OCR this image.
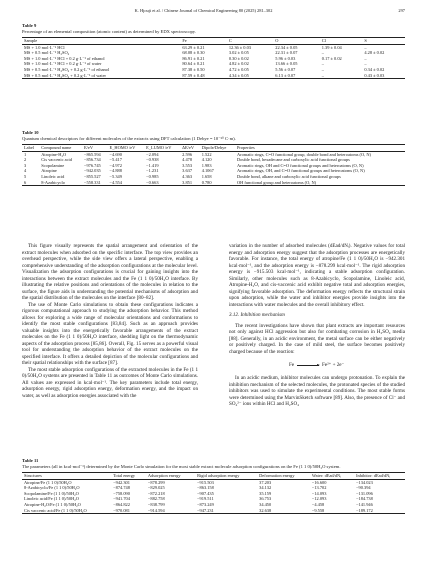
K. Hjouji et al. / Chinese Journal of Chemical Engineering 80 (2025) 281–302	297
Table 9
Percentage of an elemental composition (atomic content) as determined by EDX spectroscopy.
Sample	Fe	C	O	Cl	S
MS + 1.0 mol·L⁻¹ HCl	63.29 ± 0.21	12.36 ± 0.03	22.34 ± 0.05	1.39 ± 0.04	–
MS + 0.5 mol·L⁻¹ H₂SO₄	68.08 ± 0.30	3.02 ± 0.05	22.31 ± 0.07	–	4.28 ± 0.02
MS + 1.0 mol·L⁻¹ HCl + 0.2 g·L⁻¹ of ethanol	86.91 ± 0.21	0.30 ± 0.02	5.96 ± 0.03	0.17 ± 0.02	–
MS + 1.0 mol·L⁻¹ HCl + 0.2 g·L⁻¹ of water	80.64 ± 0.21	4.82 ± 0.02	13.66 ± 0.05	–	–
MS + 0.5 mol·L⁻¹ H₂SO₄ + 0.2 g·L⁻¹ of ethanol	87.38 ± 0.50	4.72 ± 0.05	5.56 ± 0.07	–	0.34 ± 0.02
MS + 0.5 mol·L⁻¹ H₂SO₄ + 0.2 g·L⁻¹ of water	87.59 ± 0.48	4.34 ± 0.05	6.13 ± 0.07	–	0.43 ± 0.03
Table 10
Quantum chemical descriptors for different molecules of the extracts using DFT calculation (1 Debye = 10⁻³⁰ C·m).
Label	Compound name	E/eV	E_HOMO /eV	E_LUMO /eV	ΔE/eV	Dipole/Debye	Properties
1	Atropine-H₂O	−865.594	−4.690	−2.094	2.596	1.522	Aromatic rings, C=O functional group, double bond and heteroatoms (O, N)
2	Cis vaccenic acid	−856.734	−5.417	−0.938	4.478	4.120	Double bond, hexadecane and carboxylic acid functional groups
3	Scopolamine	−976.745	−4.972	−1.419	3.553	1.983	Aromatic rings, OH and C=O functional groups and heteroatoms (O, N)
4	Atropine	−942.035	−4.888	−1.231	3.637	4.1067	Aromatic rings, OH, and C=O functional groups and heteroatoms (O, N)
5	Linoleic acid	−855.527	−5.349	−0.985	4.363	1.658	Double bond, alkane and carboxylic acid functional groups
6	8-Azabicyclo	−558.331	−4.554	−0.663	3.851	0.780	OH functional group and heteroatoms (O, N)

This figure visually represents the spatial arrangement and orientation of the extract molecules when adsorbed on the specific interface. The top view provides an overhead perspective, while the side view offers a lateral perspective, enabling a comprehensive understanding of the adsorption configurations at the molecular level. Visualization the adsorption configurations is crucial for gaining insights into the interactions between the extract molecules and the Fe (1 1 0)/50H₂O interface. By illustrating the relative positions and orientations of the molecules in relation to the surface, the figure aids in understanding the potential mechanisms of adsorption and the spatial distribution of the molecules on the interface [80–82].

The use of Monte Carlo simulations to obtain these configurations indicates a rigorous computational approach to studying the adsorption behavior. This method allows for exploring a wide range of molecular orientations and conformations to identify the most stable configurations [83,84]. Such as an approach provides valuable insights into the energetically favorable arrangements of the extract molecules on the Fe (1 1 0)/50H₂O interface, shedding light on the thermodynamic aspects of the adsorption process [85,86]. Overall, Fig. 15 serves as a powerful visual tool for understanding the adsorption behavior of the extract molecules on the specified interface. It offers a detailed depiction of the molecular configurations and their spatial relationships with the surface [87].

The most stable adsorption configurations of the extracted molecules in the Fe (1 1 0)/50H₂O systems are presented in Table 11 as outcomes of Monte Carlo simulations. All values are expressed in kcal·mol⁻¹. The key parameters include total energy, adsorption energy, rigid adsorption energy, deformation energy, and the impact on water, as well as adsorption energies associated with the

variation in the number of adsorbed molecules (dEad/dNᵢ). Negative values for total energy and adsorption energy suggest that the adsorption processes are energetically favorable. For instance, the total energy of atropine/Fe (1 1 0)/50H₂O is −942.301 kcal·mol⁻¹, and the adsorption energy is −878.299 kcal·mol⁻¹. The rigid adsorption energy is −915.503 kcal·mol⁻¹, indicating a stable adsorption configuration. Similarly, other molecules such as 8-Azabicyclo, Scopolamine, Linoleic acid, Atropine-H₂O, and cis-vaccenic acid exhibit negative total and adsorption energies, signifying favorable adsorption. The deformation energy reflects the structural strain upon adsorption, while the water and inhibitor energies provide insights into the interactions with water molecules and the overall inhibitory effect.

3.12. Inhibition mechanism

The recent investigations have shown that plant extracts are important resources not only against HCl aggression but also for combating corrosion in H₂SO₄ media [88]. Generally, in an acidic environment, the metal surface can be either negatively or positively charged. In the case of mild steel, the surface becomes positively charged because of the reaction:

Fe	Fe²⁺ + 2e⁻

In an acidic medium, inhibitor molecules can undergo protonation. To explain the inhibition mechanism of the selected molecules, the protonated species of the studied inhibitors was used to simulate the experimental conditions. The most stable forms were determined using the MarvinSketch software [89]. Also, the presence of Cl⁻ and SO₄²⁻ ions within HCl and H₂SO₄

Table 11
The parameters (all in kcal·mol⁻¹) determined by the Monte Carlo simulation for the most stable extract molecule adsorption configurations on the Fe (1 1 0)/50H₂O system.
Structures	Total energy	Adsorption energy	Rigid adsorption energy	Deformation energy	Water: dEad/dNᵢ	Inhibitor: dEad/dNᵢ
Atropine/Fe (1 1 0)/50H₂O	−942.301	−878.299	−915.503	37.203	−16.600	−134.023
8-Azabicyclo/Fe (1 1 0)/50H₂O	−874.748	−829.025	−863.158	34.132	−13.702	−90.394
Scopolamine/Fe (1 1 0)/50H₂O	−758.090	−872.218	−907.435	35.159	−14.093	−131.096
Linoleic acid/Fe (1 1 0)/50H₂O	−941.704	−882.758	−919.511	36.753	−12.093	−184.738
Atropine-H₂O/Fe (1 1 0)/50H₂O	−864.822	−838.799	−873.249	34.450	−4.458	−141.946
Cis vaccenic acid/Fe (1 1 0)/50H₂O	−970.081	−914.594	−947.231	32.638	−9.558	−189.172
